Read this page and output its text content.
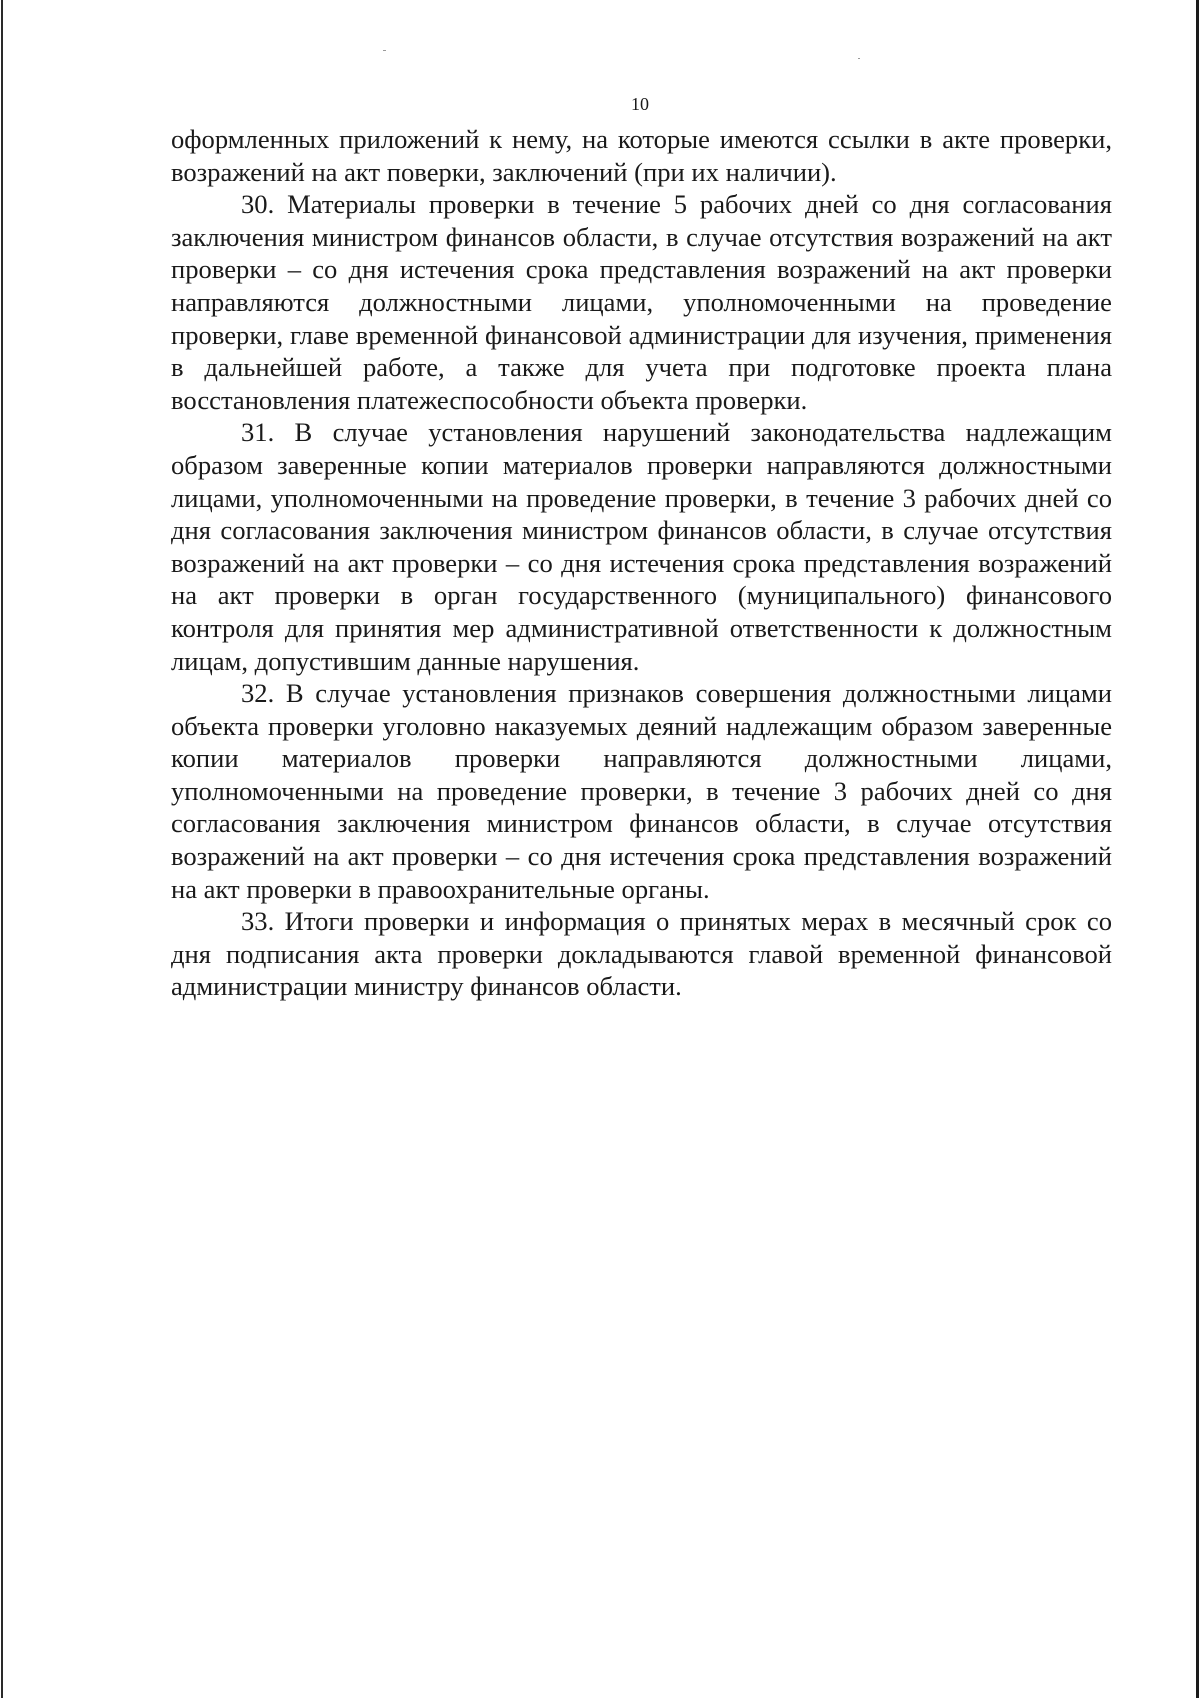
10

оформленных приложений к нему, на которые имеются ссылки в акте проверки, возражений на акт поверки, заключений (при их наличии).

30. Материалы проверки в течение 5 рабочих дней со дня согласования заключения министром финансов области, в случае отсутствия возражений на акт проверки – со дня истечения срока представления возражений на акт проверки направляются должностными лицами, уполномоченными на проведение проверки, главе временной финансовой администрации для изучения, применения в дальнейшей работе, а также для учета при подготовке проекта плана восстановления платежеспособности объекта проверки.

31. В случае установления нарушений законодательства надлежащим образом заверенные копии материалов проверки направляются должностными лицами, уполномоченными на проведение проверки, в течение 3 рабочих дней со дня согласования заключения министром финансов области, в случае отсутствия возражений на акт проверки – со дня истечения срока представления возражений на акт проверки в орган государственного (муниципального) финансового контроля для принятия мер административной ответственности к должностным лицам, допустившим данные нарушения.

32. В случае установления признаков совершения должностными лицами объекта проверки уголовно наказуемых деяний надлежащим образом заверенные копии материалов проверки направляются должностными лицами, уполномоченными на проведение проверки, в течение 3 рабочих дней со дня согласования заключения министром финансов области, в случае отсутствия возражений на акт проверки – со дня истечения срока представления возражений на акт проверки в правоохранительные органы.

33. Итоги проверки и информация о принятых мерах в месячный срок со дня подписания акта проверки докладываются главой временной финансовой администрации министру финансов области.
